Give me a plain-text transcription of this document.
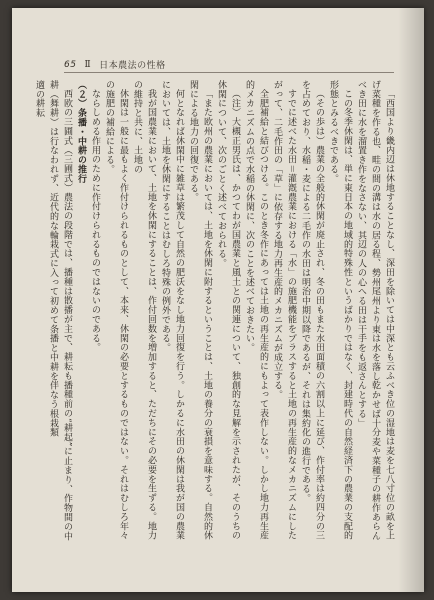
65 Ⅱ 日本農法の性格

「西国より畿内辺は休地することなし、深田を除いては中深とも云ふべき位の湿地は麦を七八寸位の畝を上げ菜種を作る也、畦の間の溝は水の居る程、勢州尾州より東は水を落し乾かせば十分麦や菜種子の耕作あらんべき田に水を溜置き作をなさない、其辺の人の心へる田は干手をも返さんとする」

この冬季休閑は、単に東日本の地域的特殊性というばかりではなく、封建時代の自然経済下の農業の支配的形態とみるべきである。

（その歩は）農業の全般的休閑が廃止され、冬の田もまた水田面積の六割以上に延び、作付率は約四分の三を占めており、水稲・麦による二毛作の水田は明治中期以降であるが、それは集約化の進行である。

すでに述べた水田＝灌漑農業における「水」の施肥機能をプラスすると土地の再生産的なメカニズムにしたがって、二毛作田の「草」に依存する地力再生産的メカニズムが成立する。

全肥補給と結びつける。このとき冬作にあっては土地の再生産的にもよって表作しない。しかし地力再生産的メカニズムの点で水稲の休閑に、次のことを述べておきたい。

（注）大槻正男氏は、かつてわが国農業と風土との関連について、独創的な見解を示されたが、そのうちの休閑について、次のごとく述べておられる。

「また欧州の農業においては、土地を休閑に附するということは、土地の養分の衰損を意味する。自然的休閑による地力の回復である。

何となれば休閑中に雑草は繁茂して自然の肥沃をなし地力回復を行う。しかるに水田の休閑は我が国の農業においては、土地を休閑にすることはむしろ特殊の例外である。

我が国農業において、土地を休閑にすることは、作付回数を増加すると、ただちにその必要を生ずる。地力の維持と共に、土地の

休閑は一般に最もよく作付けられるものとして、本来、休閑の必要とするものではない。それはむしろ年々の施肥の補給による。

ならしめる作用のために作付けられるものではないのである。

（２）条播・中耕の推行

西欧の三圃式（三圃式）農法の段階では、播種は散播が主で、耕耘も播種前の“耕起”に止まり、作物間の中耕（舞耕）は行なわれず、近代的な輪栽式に入って初めて条播と中耕を伴なう根栽類

適の耕耘
